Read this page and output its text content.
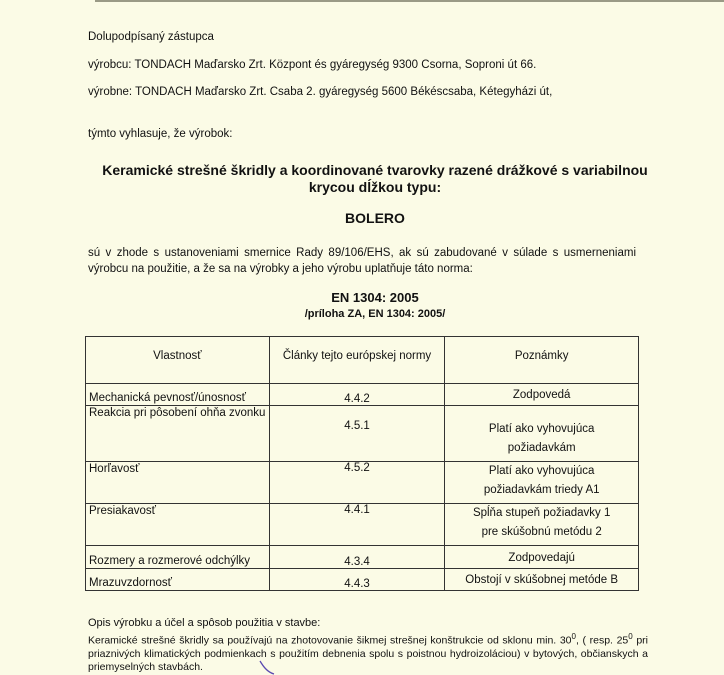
Dolupodpísaný zástupca
výrobcu: TONDACH Maďarsko Zrt. Központ és gyáregység 9300 Csorna, Soproni út 66.
výrobne: TONDACH Maďarsko Zrt. Csaba 2. gyáregység 5600 Békéscsaba, Kétegyházi út,
týmto vyhlasuje, že výrobok:
Keramické strešné škridly a koordinované tvarovky razené drážkové s variabilnou
krycou dĺžkou typu:
BOLERO
sú v zhode s ustanoveniami smernice Rady 89/106/EHS, ak sú zabudované v súlade s usmerneniami výrobcu na použitie, a že sa na výrobky a jeho výrobu uplatňuje táto norma:
EN 1304: 2005
/príloha ZA, EN 1304: 2005/
Vlastnosť	Články tejto európskej normy	Poznámky
Mechanická pevnosť/únosnosť	4.4.2	Zodpovedá
Reakcia pri pôsobení ohňa zvonku	4.5.1	Platí ako vyhovujúca
požiadavkám

Horľavosť	4.5.2	Platí ako vyhovujúca
požiadavkám triedy A1

Presiakavosť	4.4.1	Spĺňa stupeň požiadavky 1
pre skúšobnú metódu 2

Rozmery a rozmerové odchýlky	4.3.4	Zodpovedajú
Mrazuvzdornosť	4.4.3	Obstojí v skúšobnej metóde B
Opis výrobku a účel a spôsob použitia v stavbe:
Keramické strešné škridly sa používajú na zhotovovanie šikmej strešnej konštrukcie od sklonu min. $30^0$, ( resp. $25^0$ pri priaznivých klimatických podmienkach s použitím debnenia spolu s poistnou hydroizoláciou) v bytových, občianskych a priemyselných stavbách.
